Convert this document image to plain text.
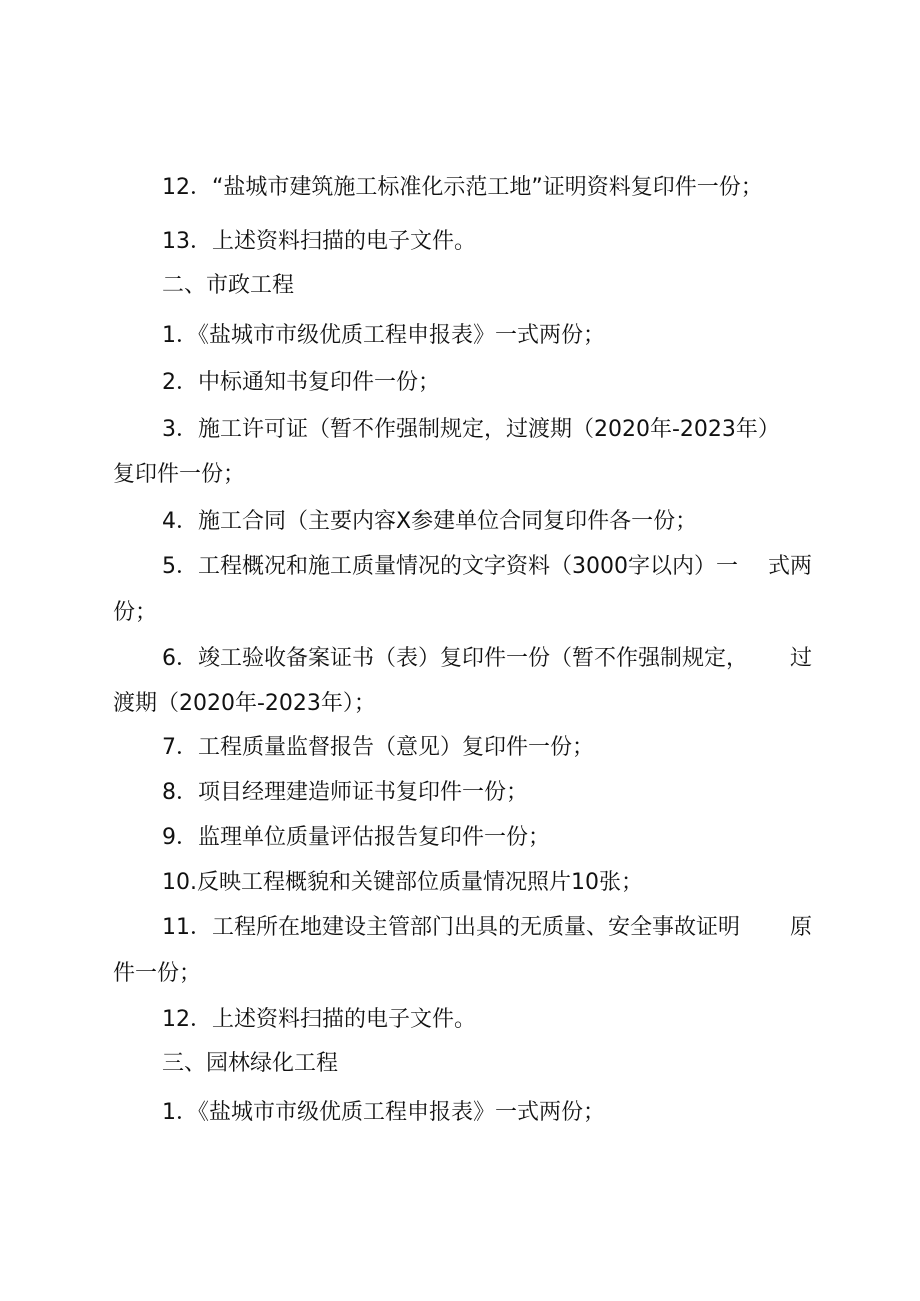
12．“盐城市建筑施工标准化示范工地”证明资料复印件一份；
13．上述资料扫描的电子文件。
二、市政工程
1．《盐城市市级优质工程申报表》一式两份；
2．中标通知书复印件一份；
3．施工许可证（暂不作强制规定，过渡期（2020年-2023年）
复印件一份；
4．施工合同（主要内容X参建单位合同复印件各一份；
5．工程概况和施工质量情况的文字资料（3000字以内）一 式两
份；
6．竣工验收备案证书（表）复印件一份（暂不作强制规定， 过
渡期（2020年-2023年）；
7．工程质量监督报告（意见）复印件一份；
8．项目经理建造师证书复印件一份；
9．监理单位质量评估报告复印件一份；
10.反映工程概貌和关键部位质量情况照片10张；
11．工程所在地建设主管部门出具的无质量、安全事故证明 原
件一份；
12．上述资料扫描的电子文件。
三、园林绿化工程
1．《盐城市市级优质工程申报表》一式两份；
